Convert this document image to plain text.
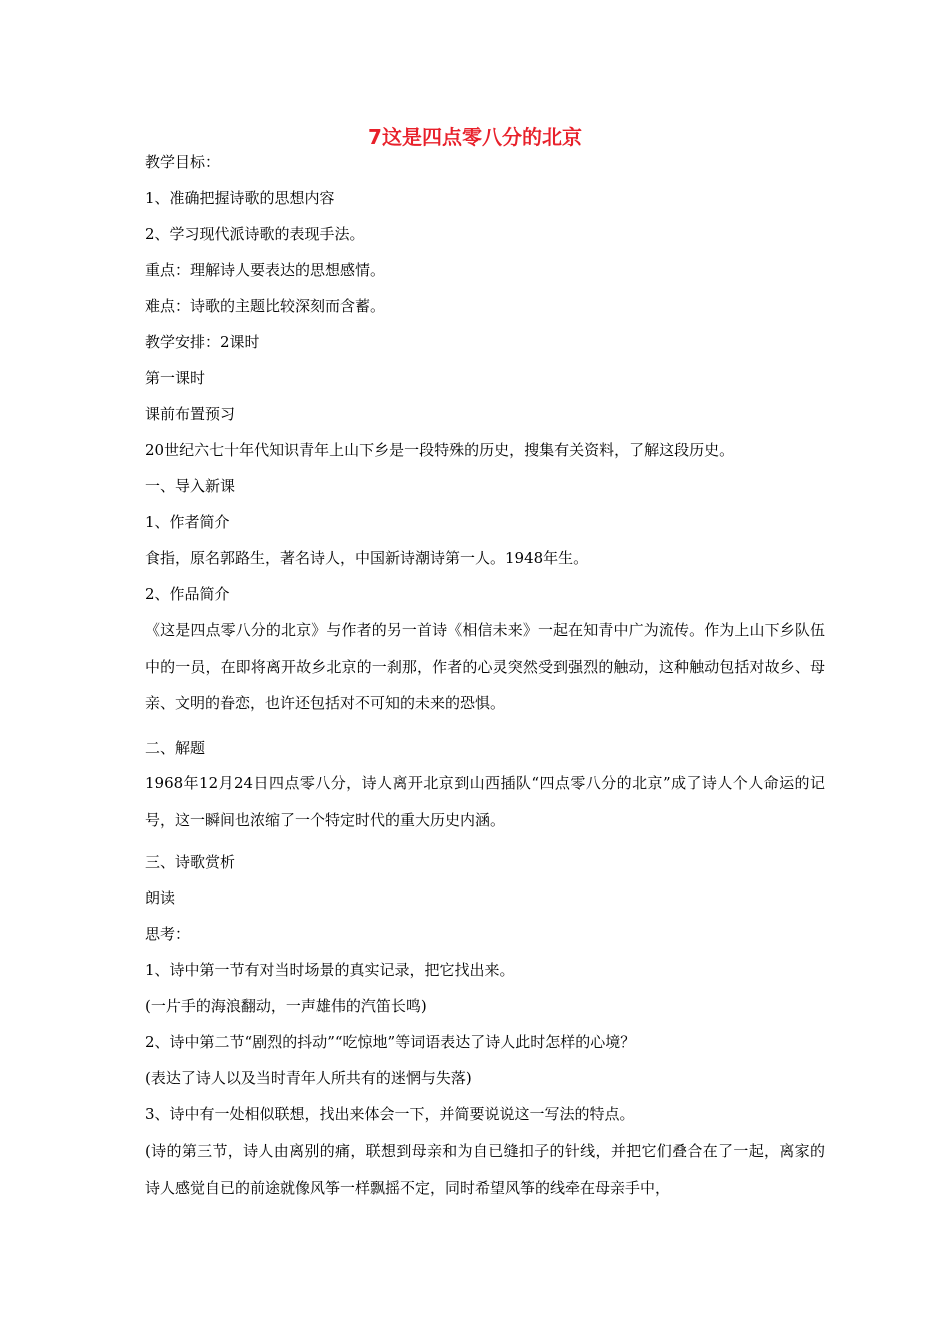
7这是四点零八分的北京

教学目标：

1、准确把握诗歌的思想内容

2、学习现代派诗歌的表现手法。

重点：理解诗人要表达的思想感情。

难点：诗歌的主题比较深刻而含蓄。

教学安排：2课时

第一课时

课前布置预习

20世纪六七十年代知识青年上山下乡是一段特殊的历史，搜集有关资料，了解这段历史。

一、导入新课

1、作者简介

食指，原名郭路生，著名诗人，中国新诗潮诗第一人。1948年生。

2、作品简介

《这是四点零八分的北京》与作者的另一首诗《相信未来》一起在知青中广为流传。作为上山下乡队伍中的一员，在即将离开故乡北京的一刹那，作者的心灵突然受到强烈的触动，这种触动包括对故乡、母亲、文明的眷恋，也许还包括对不可知的未来的恐惧。

二、解题

1968年12月24日四点零八分，诗人离开北京到山西插队“四点零八分的北京”成了诗人个人命运的记号，这一瞬间也浓缩了一个特定时代的重大历史内涵。

三、诗歌赏析

朗读

思考：

1、诗中第一节有对当时场景的真实记录，把它找出来。

(一片手的海浪翻动，一声雄伟的汽笛长鸣)

2、诗中第二节“剧烈的抖动”“吃惊地”等词语表达了诗人此时怎样的心境？

(表达了诗人以及当时青年人所共有的迷惘与失落)

3、诗中有一处相似联想，找出来体会一下，并简要说说这一写法的特点。

(诗的第三节，诗人由离别的痛，联想到母亲和为自已缝扣子的针线，并把它们叠合在了一起，离家的诗人感觉自已的前途就像风筝一样飘摇不定，同时希望风筝的线牵在母亲手中，
